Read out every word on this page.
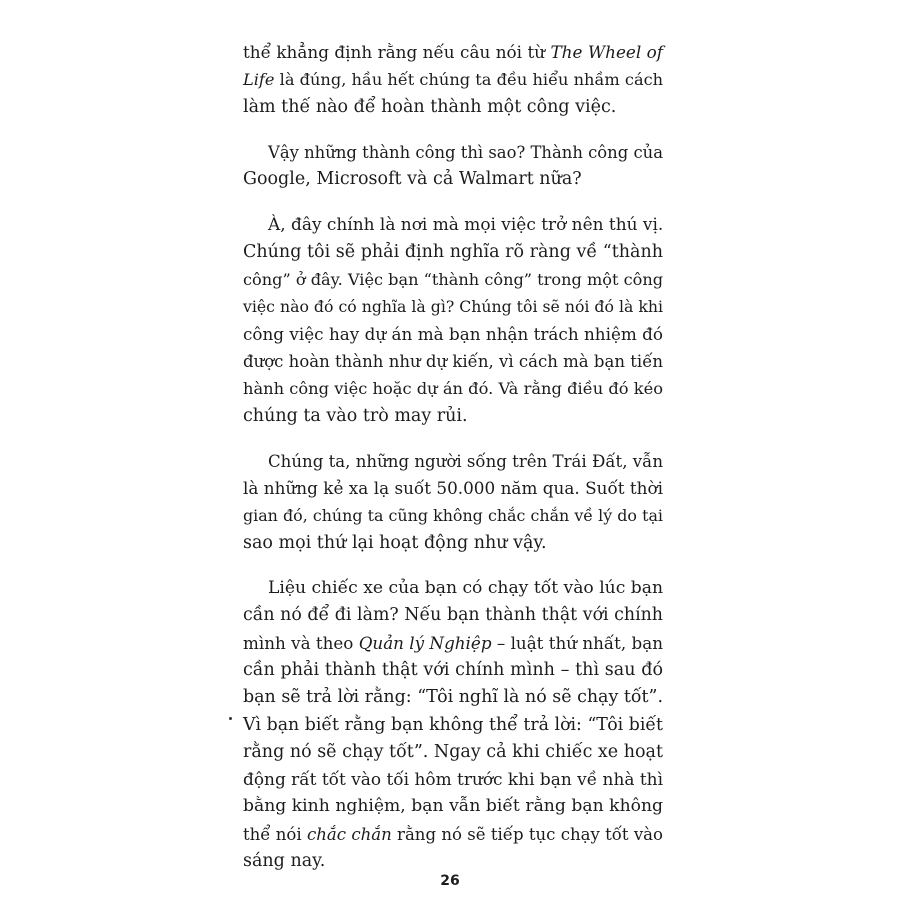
thể khẳng định rằng nếu câu nói từ The Wheel of
Life là đúng, hầu hết chúng ta đều hiểu nhầm cách
làm thế nào để hoàn thành một công việc.

Vậy những thành công thì sao? Thành công của
Google, Microsoft và cả Walmart nữa?

À, đây chính là nơi mà mọi việc trở nên thú vị.
Chúng tôi sẽ phải định nghĩa rõ ràng về “thành
công” ở đây. Việc bạn “thành công” trong một công
việc nào đó có nghĩa là gì? Chúng tôi sẽ nói đó là khi
công việc hay dự án mà bạn nhận trách nhiệm đó
được hoàn thành như dự kiến, vì cách mà bạn tiến
hành công việc hoặc dự án đó. Và rằng điều đó kéo
chúng ta vào trò may rủi.

Chúng ta, những người sống trên Trái Đất, vẫn
là những kẻ xa lạ suốt 50.000 năm qua. Suốt thời
gian đó, chúng ta cũng không chắc chắn về lý do tại
sao mọi thứ lại hoạt động như vậy.

Liệu chiếc xe của bạn có chạy tốt vào lúc bạn
cần nó để đi làm? Nếu bạn thành thật với chính
mình và theo Quản lý Nghiệp – luật thứ nhất, bạn
cần phải thành thật với chính mình – thì sau đó
bạn sẽ trả lời rằng: “Tôi nghĩ là nó sẽ chạy tốt”.
Vì bạn biết rằng bạn không thể trả lời: “Tôi biết
rằng nó sẽ chạy tốt”. Ngay cả khi chiếc xe hoạt
động rất tốt vào tối hôm trước khi bạn về nhà thì
bằng kinh nghiệm, bạn vẫn biết rằng bạn không
thể nói chắc chắn rằng nó sẽ tiếp tục chạy tốt vào
sáng nay.

26
